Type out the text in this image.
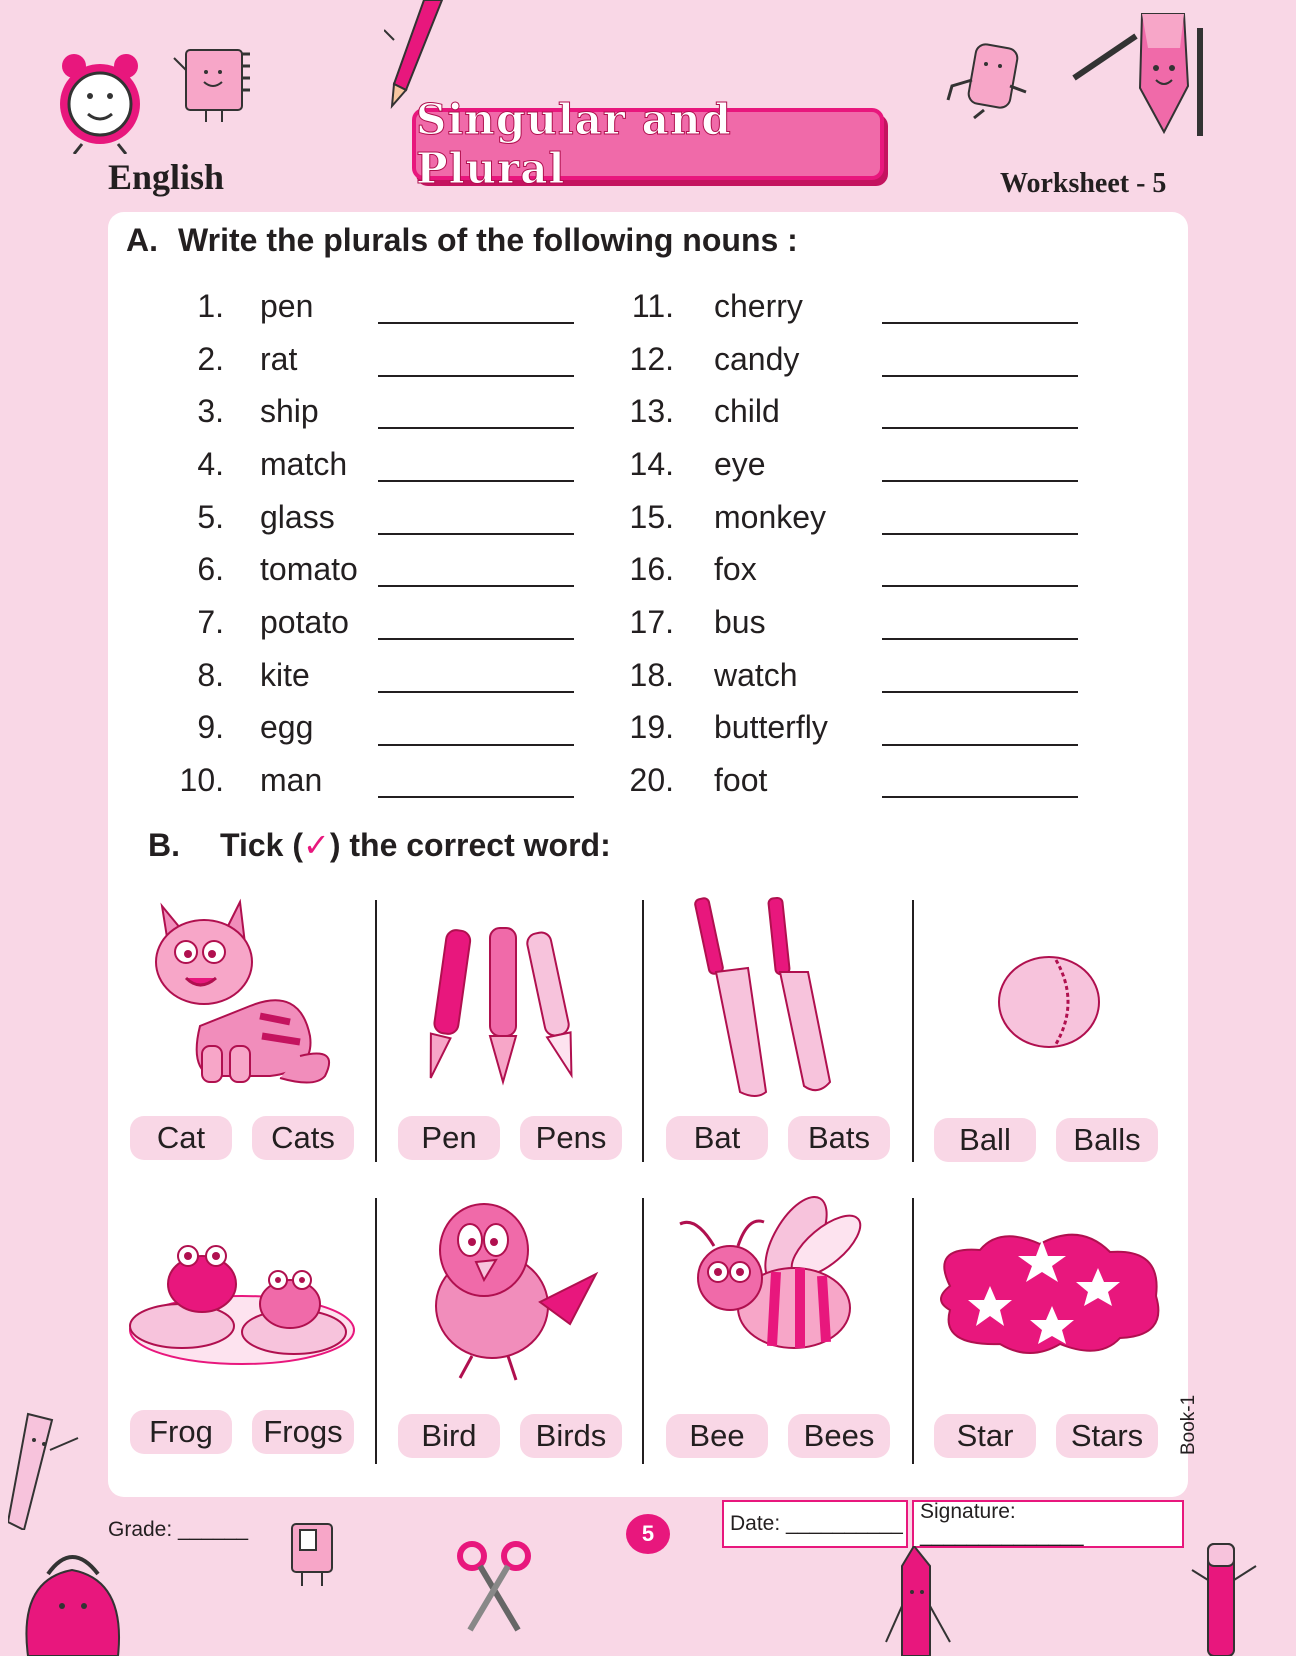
English
Singular and Plural	Worksheet - 5
A. Write the plurals of the following nouns :
1. pen
2. rat
3. ship
4. match
5. glass
6. tomato
7. potato
8. kite
9. egg
10. man
11. cherry
12. candy
13. child
14. eye
15. monkey
16. fox
17. bus
18. watch
19. butterfly
20. foot
B. Tick (✓) the correct word:
Cat	Cats	Pen	Pens	Bat	Bats	Ball	Balls
Frog	Frogs	Bird	Birds	Bee	Bees	Star	Stars	Book-1
Grade: ______	5	Date: __________
Signature: ______________
